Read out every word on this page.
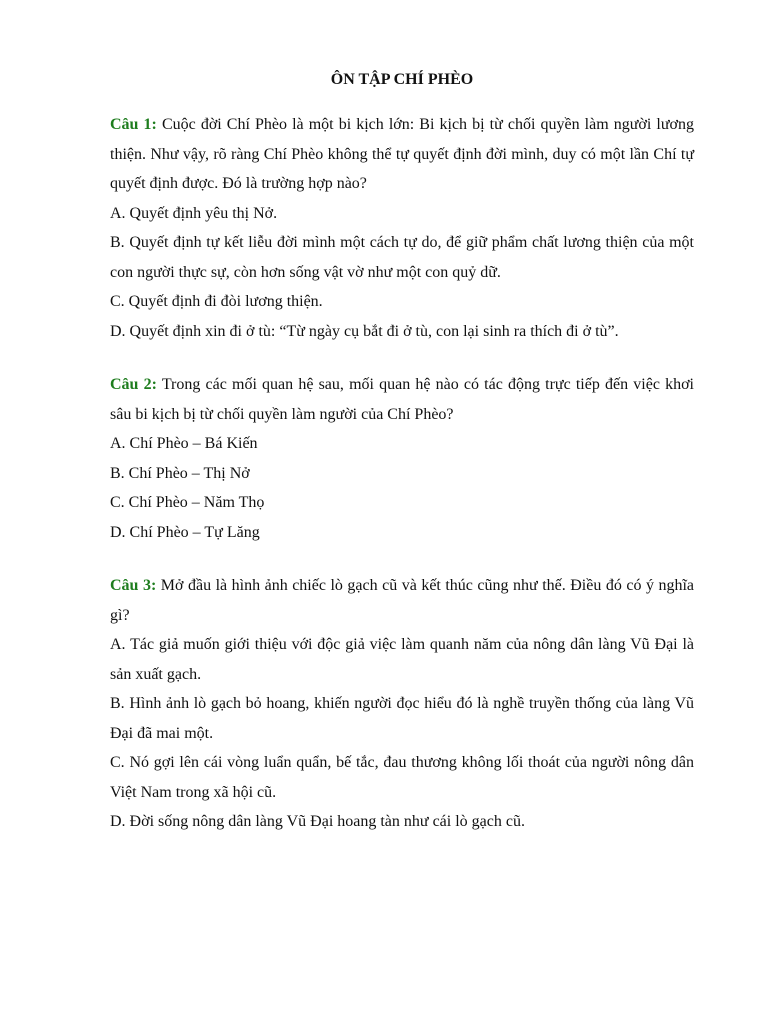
ÔN TẬP CHÍ PHÈO

Câu 1: Cuộc đời Chí Phèo là một bi kịch lớn: Bi kịch bị từ chối quyền làm người lương thiện. Như vậy, rõ ràng Chí Phèo không thể tự quyết định đời mình, duy có một lần Chí tự quyết định được. Đó là trường hợp nào?

A. Quyết định yêu thị Nở.

B. Quyết định tự kết liễu đời mình một cách tự do, để giữ phẩm chất lương thiện của một con người thực sự, còn hơn sống vật vờ như một con quỷ dữ.

C. Quyết định đi đòi lương thiện.

D. Quyết định xin đi ở tù: “Từ ngày cụ bắt đi ở tù, con lại sinh ra thích đi ở tù”.

Câu 2: Trong các mối quan hệ sau, mối quan hệ nào có tác động trực tiếp đến việc khơi sâu bi kịch bị từ chối quyền làm người của Chí Phèo?

A. Chí Phèo – Bá Kiến

B. Chí Phèo – Thị Nở

C. Chí Phèo – Năm Thọ

D. Chí Phèo – Tự Lăng

Câu 3: Mở đầu là hình ảnh chiếc lò gạch cũ và kết thúc cũng như thế. Điều đó có ý nghĩa gì?

A. Tác giả muốn giới thiệu với độc giả việc làm quanh năm của nông dân làng Vũ Đại là sản xuất gạch.

B. Hình ảnh lò gạch bỏ hoang, khiến người đọc hiểu đó là nghề truyền thống của làng Vũ Đại đã mai một.

C. Nó gợi lên cái vòng luẩn quẩn, bế tắc, đau thương không lối thoát của người nông dân Việt Nam trong xã hội cũ.

D. Đời sống nông dân làng Vũ Đại hoang tàn như cái lò gạch cũ.
